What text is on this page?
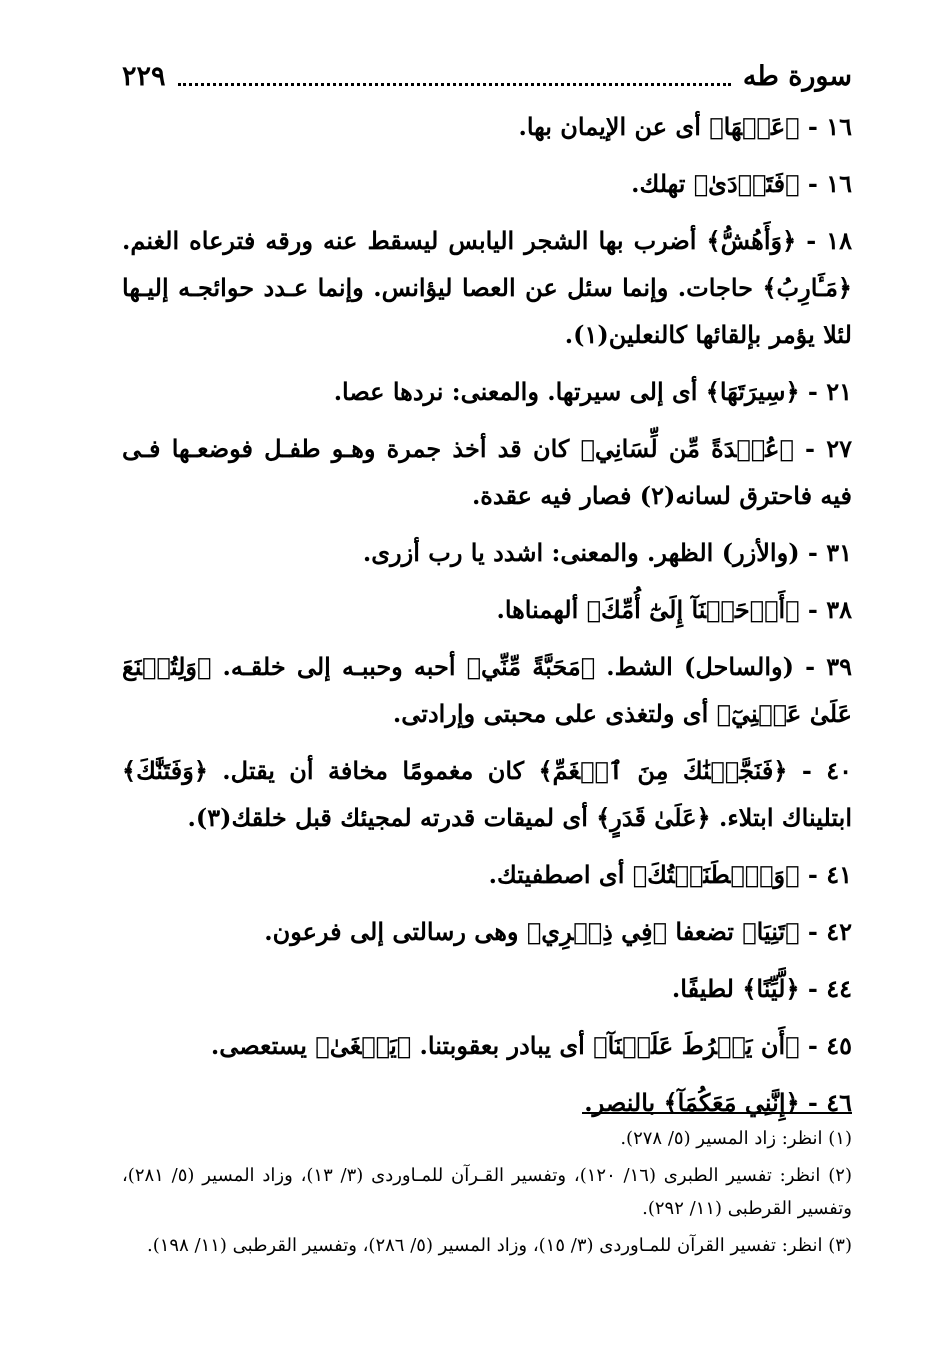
سورة طه
٢٢٩
١٦ - ﴿عَنۡهَا﴾ أى عن الإيمان بها.
١٦ - ﴿فَتَرۡدَىٰ﴾ تهلك.
١٨ - ﴿وَأَهُشُّ﴾ أضرب بها الشجر اليابس ليسقط عنه ورقه فترعاه الغنم. ﴿مَـَٔارِبُ﴾ حاجات. وإنما سئل عن العصا ليؤانس. وإنما عـدد حوائجـه إليـها لئلا يؤمر بإلقائها كالنعلين(١).
٢١ - ﴿سِيرَتَهَا﴾ أى إلى سيرتها. والمعنى: نردها عصا.
٢٧ - ﴿عُقۡدَةً مِّن لِّسَانِي﴾ كان قد أخذ جمرة وهـو طفـل فوضعـها فـى فيه فاحترق لسانه(٢) فصار فيه عقدة.
٣١ - (والأزر) الظهر. والمعنى: اشدد يا رب أزرى.
٣٨ - ﴿أَوۡحَيۡنَآ إِلَىٰٓ أُمِّكَ﴾ ألهمناها.
٣٩ - (والساحل) الشط. ﴿مَحَبَّةً مِّنِّي﴾ أحبه وحببـه إلى خلقـه. ﴿وَلِتُصۡنَعَ عَلَىٰ عَيۡنِيٓ﴾ أى ولتغذى على محبتى وإرادتى.
٤٠ - ﴿فَنَجَّيۡنَٰكَ مِنَ ٱلۡغَمِّ﴾ كان مغمومًا مخافة أن يقتل. ﴿وَفَتَنَّٰكَ﴾ ابتليناك ابتلاء. ﴿عَلَىٰ قَدَرٍ﴾ أى لميقات قدرته لمجيئك قبل خلقك(٣).
٤١ - ﴿وَٱصۡطَنَعۡتُكَ﴾ أى اصطفيتك.
٤٢ - ﴿تَنِيَا﴾ تضعفا ﴿فِي ذِكۡرِي﴾ وهى رسالتى إلى فرعون.
٤٤ - ﴿لَّيِّنًا﴾ لطيفًا.
٤٥ - ﴿أَن يَفۡرُطَ عَلَيۡنَآ﴾ أى يبادر بعقوبتنا. ﴿يَطۡغَىٰ﴾ يستعصى.
٤٦ - ﴿إِنَّنِي مَعَكُمَآ﴾ بالنصر.
(١) انظر: زاد المسير (٥/ ٢٧٨).
(٢) انظر: تفسير الطبرى (١٦/ ١٢٠)، وتفسير القـرآن للمـاوردى (٣/ ١٣)، وزاد المسير (٥/ ٢٨١)، وتفسير القرطبى (١١/ ٢٩٢).
(٣) انظر: تفسير القرآن للمـاوردى (٣/ ١٥)، وزاد المسير (٥/ ٢٨٦)، وتفسير القرطبى (١١/ ١٩٨).
